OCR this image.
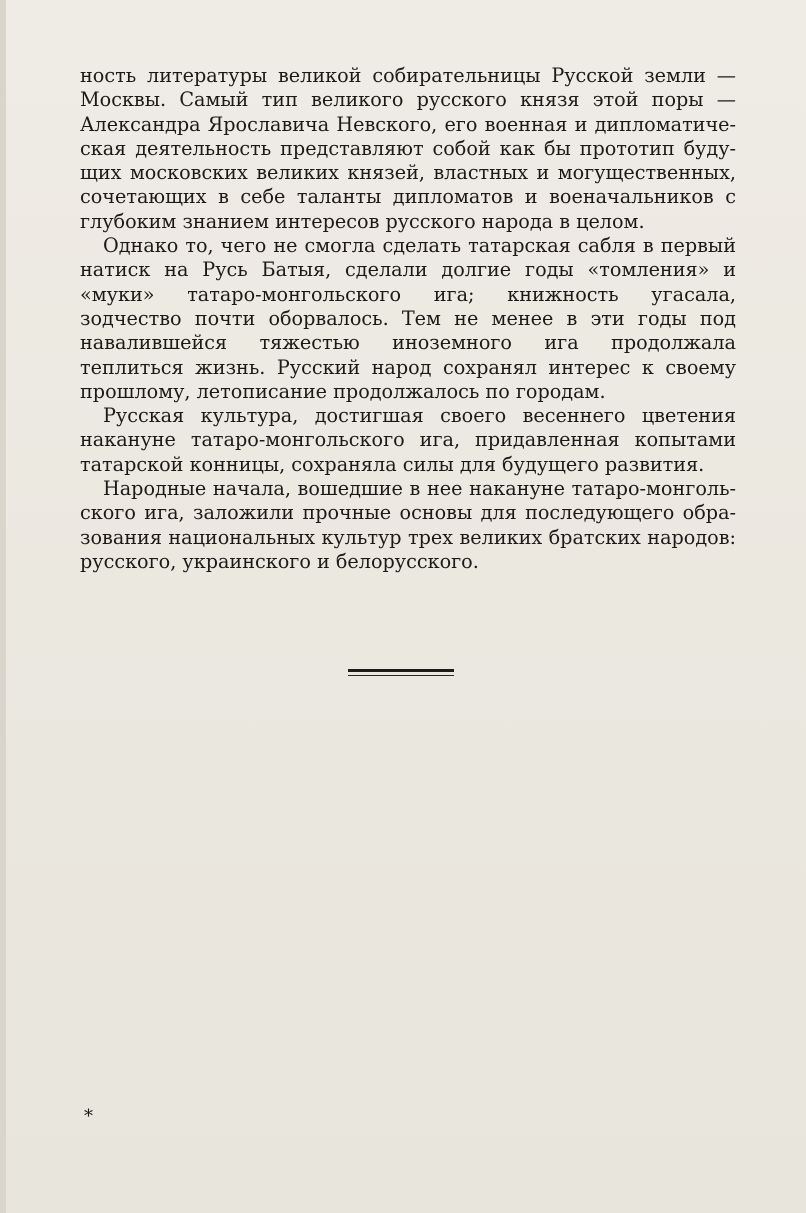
ность литературы великой собирательницы Русской земли — Москвы. Самый тип великого русского князя этой поры — Александра Ярославича Невского, его военная и дипломатическая деятельность представляют собой как бы прототип будущих московских великих князей, властных и могущественных, сочетающих в себе таланты дипломатов и военачальников с глубоким знанием интересов русского народа в целом.

Однако то, чего не смогла сделать татарская сабля в первый натиск на Русь Батыя, сделали долгие годы «томления» и «муки» татаро-монгольского ига; книжность угасала, зодчество почти оборвалось. Тем не менее в эти годы под навалившейся тяжестью иноземного ига продолжала теплиться жизнь. Русский народ сохранял интерес к своему прошлому, летописание продолжалось по городам.

Русская культура, достигшая своего весеннего цветения накануне татаро-монгольского ига, придавленная копытами татарской конницы, сохраняла силы для будущего развития.

Народные начала, вошедшие в нее накануне татаро-монгольского ига, заложили прочные основы для последующего образования национальных культур трех великих братских народов: русского, украинского и белорусского.

*
